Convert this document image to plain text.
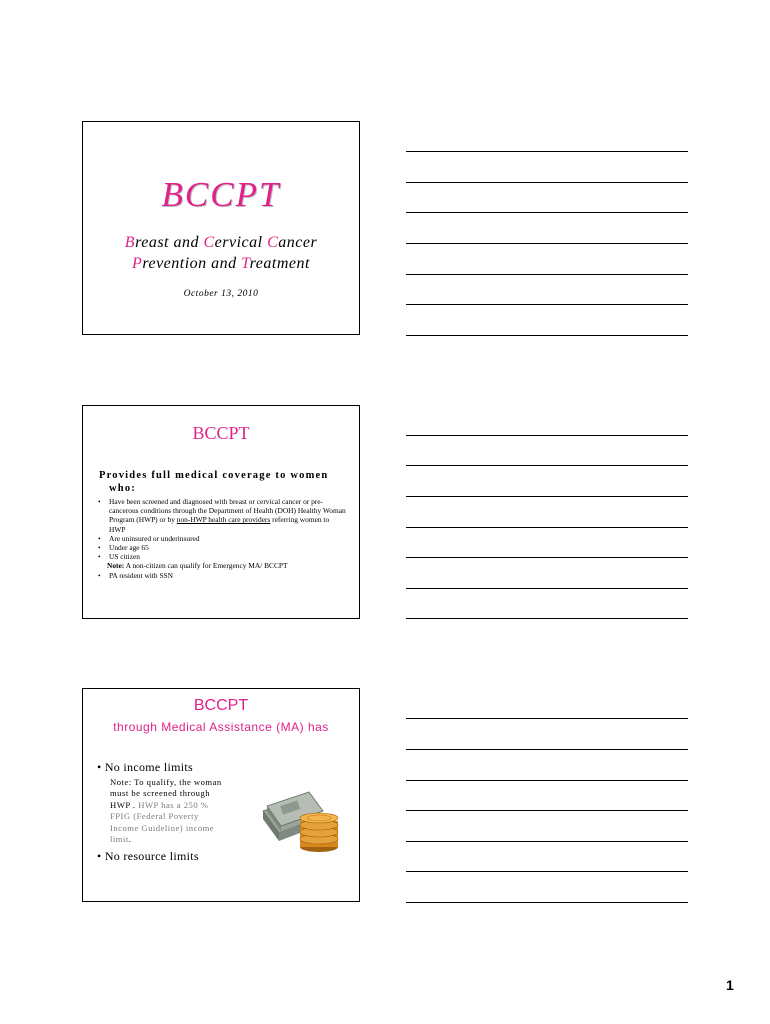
BCCPT
Breast and Cervical Cancer
Prevention and Treatment
October 13, 2010
BCCPT
Provides full medical coverage to women
who:
• Have been screened and diagnosed with breast or cervical cancer or pre-cancerous conditions through the Department of Health (DOH) Healthy Woman Program (HWP) or by non-HWP health care providers referring women to HWP
• Are uninsured or underinsured
• Under age 65
• US citizen
Note: A non-citizen can qualify for Emergency MA/ BCCPT
• PA resident with SSN
BCCPT
through Medical Assistance (MA) has
• No income limits
Note: To qualify, the woman must be screened through HWP . HWP has a 250 % FPIG (Federal Poverty Income Guideline) income limit.
• No resource limits
1
